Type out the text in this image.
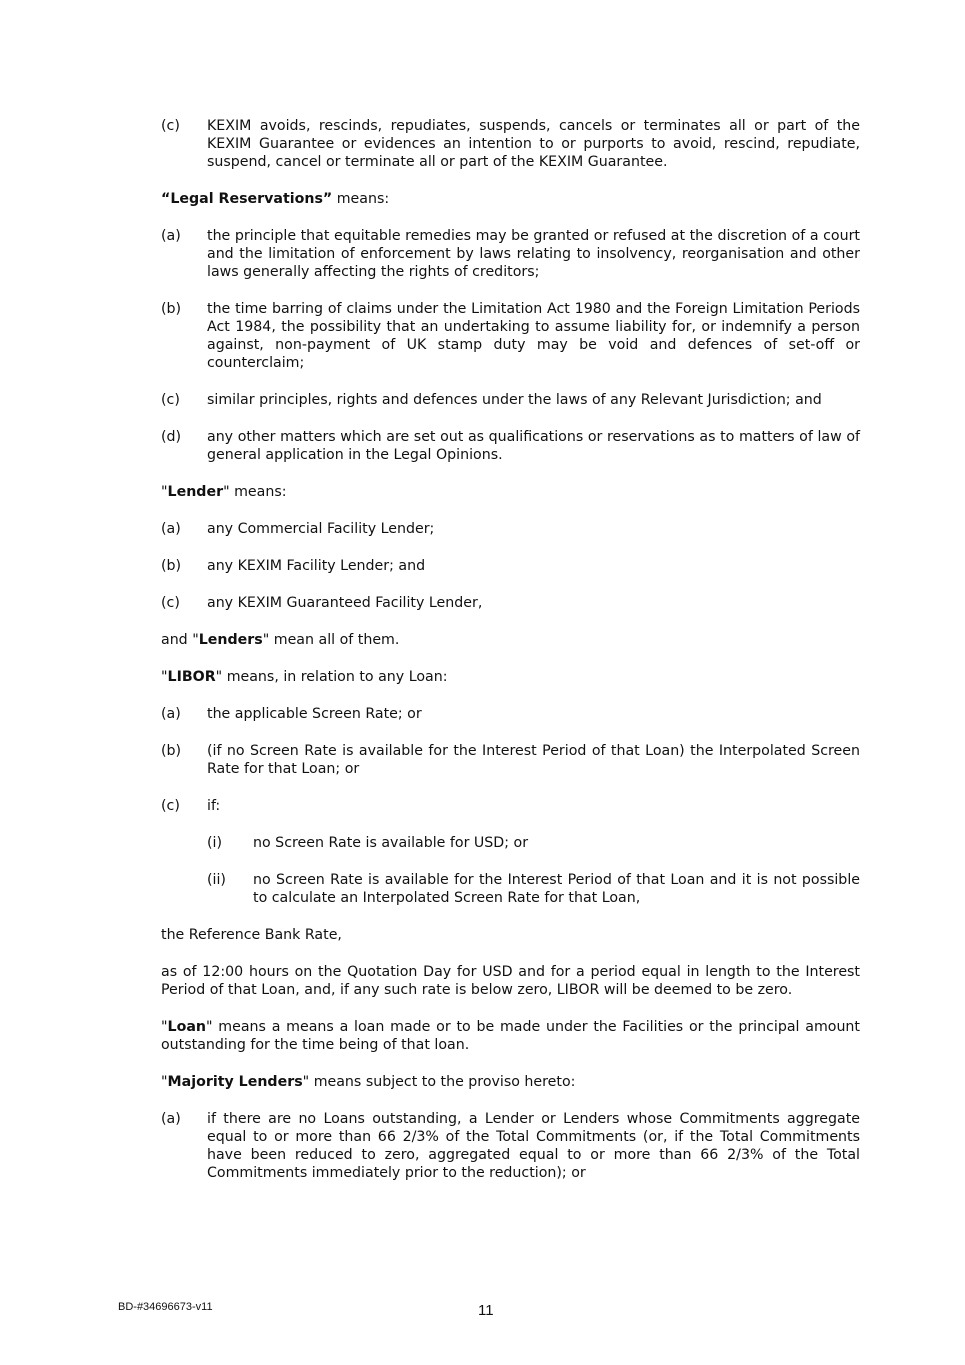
(c)	KEXIM avoids, rescinds, repudiates, suspends, cancels or terminates all or part of the KEXIM Guarantee or evidences an intention to or purports to avoid, rescind, repudiate, suspend, cancel or terminate all or part of the KEXIM Guarantee.

“Legal Reservations” means:

(a)	the principle that equitable remedies may be granted or refused at the discretion of a court and the limitation of enforcement by laws relating to insolvency, reorganisation and other laws generally affecting the rights of creditors;
(b)	the time barring of claims under the Limitation Act 1980 and the Foreign Limitation Periods Act 1984, the possibility that an undertaking to assume liability for, or indemnify a person against, non-payment of UK stamp duty may be void and defences of set-off or counterclaim;
(c)	similar principles, rights and defences under the laws of any Relevant Jurisdiction; and
(d)	any other matters which are set out as qualifications or reservations as to matters of law of general application in the Legal Opinions.

"Lender" means:

(a)	any Commercial Facility Lender;
(b)	any KEXIM Facility Lender; and
(c)	any KEXIM Guaranteed Facility Lender,

and "Lenders" mean all of them.

"LIBOR" means, in relation to any Loan:

(a)	the applicable Screen Rate; or
(b)	(if no Screen Rate is available for the Interest Period of that Loan) the Interpolated Screen Rate for that Loan; or
(c)	if:
(i)	no Screen Rate is available for USD; or
(ii)	no Screen Rate is available for the Interest Period of that Loan and it is not possible to calculate an Interpolated Screen Rate for that Loan,

the Reference Bank Rate,

as of 12:00 hours on the Quotation Day for USD and for a period equal in length to the Interest Period of that Loan, and, if any such rate is below zero, LIBOR will be deemed to be zero.

"Loan" means a means a loan made or to be made under the Facilities or the principal amount outstanding for the time being of that loan.

"Majority Lenders" means subject to the proviso hereto:

(a)	if there are no Loans outstanding, a Lender or Lenders whose Commitments aggregate equal to or more than 66 2/3% of the Total Commitments (or, if the Total Commitments have been reduced to zero, aggregated equal to or more than 66 2/3% of the Total Commitments immediately prior to the reduction); or
BD-#34696673-v11	11
